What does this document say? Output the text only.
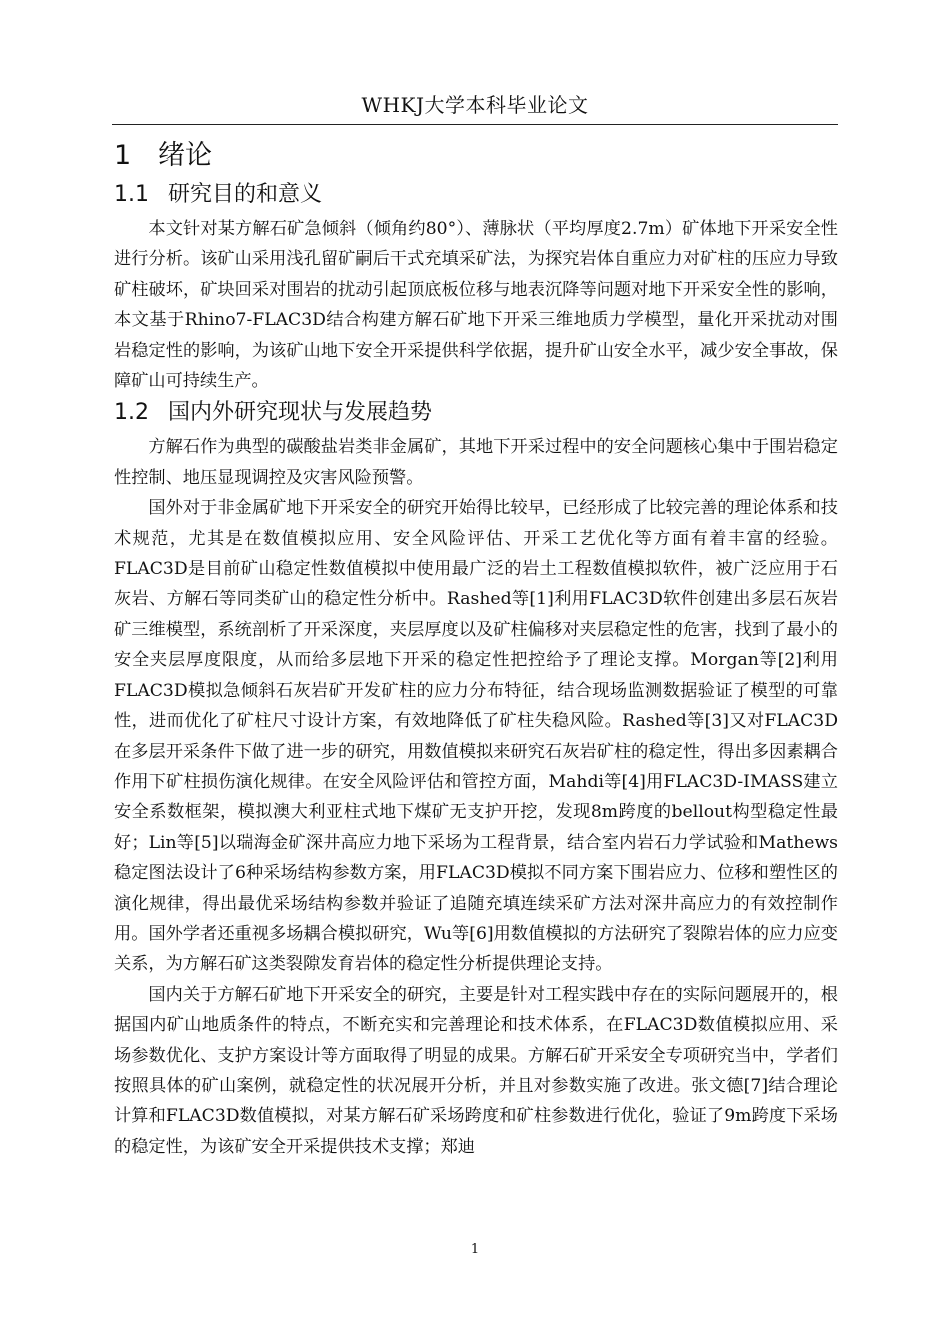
WHKJ大学本科毕业论文
1 绪论
1.1 研究目的和意义

本文针对某方解石矿急倾斜（倾角约80°）、薄脉状（平均厚度2.7m）矿体地下开采安全性进行分析。该矿山采用浅孔留矿嗣后干式充填采矿法，为探究岩体自重应力对矿柱的压应力导致矿柱破坏，矿块回采对围岩的扰动引起顶底板位移与地表沉降等问题对地下开采安全性的影响，本文基于Rhino7-FLAC3D结合构建方解石矿地下开采三维地质力学模型，量化开采扰动对围岩稳定性的影响，为该矿山地下安全开采提供科学依据，提升矿山安全水平，减少安全事故，保障矿山可持续生产。

1.2 国内外研究现状与发展趋势

方解石作为典型的碳酸盐岩类非金属矿，其地下开采过程中的安全问题核心集中于围岩稳定性控制、地压显现调控及灾害风险预警。

国外对于非金属矿地下开采安全的研究开始得比较早，已经形成了比较完善的理论体系和技术规范，尤其是在数值模拟应用、安全风险评估、开采工艺优化等方面有着丰富的经验。FLAC3D是目前矿山稳定性数值模拟中使用最广泛的岩土工程数值模拟软件，被广泛应用于石灰岩、方解石等同类矿山的稳定性分析中。Rashed等[1]利用FLAC3D软件创建出多层石灰岩矿三维模型，系统剖析了开采深度，夹层厚度以及矿柱偏移对夹层稳定性的危害，找到了最小的安全夹层厚度限度，从而给多层地下开采的稳定性把控给予了理论支撑。Morgan等[2]利用FLAC3D模拟急倾斜石灰岩矿开发矿柱的应力分布特征，结合现场监测数据验证了模型的可靠性，进而优化了矿柱尺寸设计方案，有效地降低了矿柱失稳风险。Rashed等[3]又对FLAC3D在多层开采条件下做了进一步的研究，用数值模拟来研究石灰岩矿柱的稳定性，得出多因素耦合作用下矿柱损伤演化规律。在安全风险评估和管控方面，Mahdi等[4]用FLAC3D-IMASS建立安全系数框架，模拟澳大利亚柱式地下煤矿无支护开挖，发现8m跨度的bellout构型稳定性最好；Lin等[5]以瑞海金矿深井高应力地下采场为工程背景，结合室内岩石力学试验和Mathews稳定图法设计了6种采场结构参数方案，用FLAC3D模拟不同方案下围岩应力、位移和塑性区的演化规律，得出最优采场结构参数并验证了追随充填连续采矿方法对深井高应力的有效控制作用。国外学者还重视多场耦合模拟研究，Wu等[6]用数值模拟的方法研究了裂隙岩体的应力应变关系，为方解石矿这类裂隙发育岩体的稳定性分析提供理论支持。

国内关于方解石矿地下开采安全的研究，主要是针对工程实践中存在的实际问题展开的，根据国内矿山地质条件的特点，不断充实和完善理论和技术体系，在FLAC3D数值模拟应用、采场参数优化、支护方案设计等方面取得了明显的成果。方解石矿开采安全专项研究当中，学者们按照具体的矿山案例，就稳定性的状况展开分析，并且对参数实施了改进。张文德[7]结合理论计算和FLAC3D数值模拟，对某方解石矿采场跨度和矿柱参数进行优化，验证了9m跨度下采场的稳定性，为该矿安全开采提供技术支撑；郑迪

1
